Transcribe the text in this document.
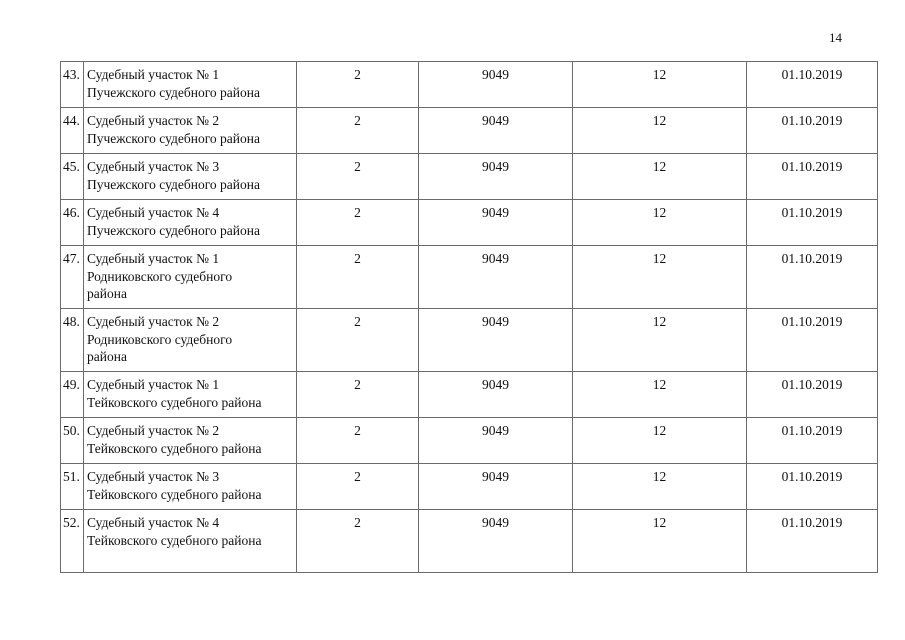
14
43.	Судебный участок № 1
Пучежского судебного района	2	9049	12	01.10.2019
44.	Судебный участок № 2
Пучежского судебного района	2	9049	12	01.10.2019
45.	Судебный участок № 3
Пучежского судебного района	2	9049	12	01.10.2019
46.	Судебный участок № 4
Пучежского судебного района	2	9049	12	01.10.2019
47.	Судебный участок № 1
Родниковского судебного
района	2	9049	12	01.10.2019
48.	Судебный участок № 2
Родниковского судебного
района	2	9049	12	01.10.2019
49.	Судебный участок № 1
Тейковского судебного района	2	9049	12	01.10.2019
50.	Судебный участок № 2
Тейковского судебного района	2	9049	12	01.10.2019
51.	Судебный участок № 3
Тейковского судебного района	2	9049	12	01.10.2019
52.	Судебный участок № 4
Тейковского судебного района	2	9049	12	01.10.2019
